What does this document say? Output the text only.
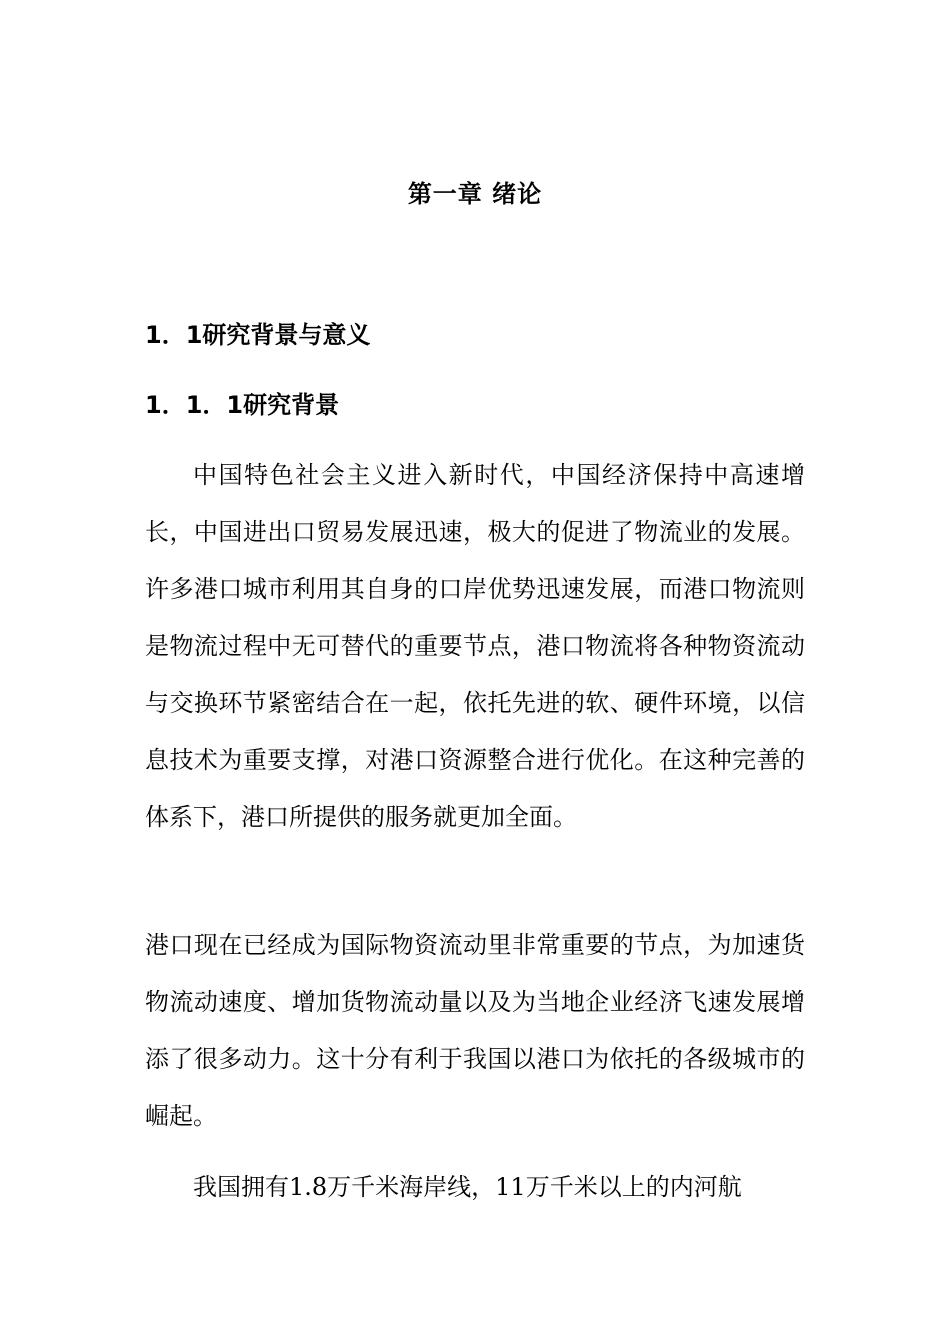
第一章 绪论
1．1研究背景与意义
1．1．1研究背景

中国特色社会主义进入新时代，中国经济保持中高速增长，中国进出口贸易发展迅速，极大的促进了物流业的发展。许多港口城市利用其自身的口岸优势迅速发展，而港口物流则是物流过程中无可替代的重要节点，港口物流将各种物资流动与交换环节紧密结合在一起，依托先进的软、硬件环境，以信息技术为重要支撑，对港口资源整合进行优化。在这种完善的体系下，港口所提供的服务就更加全面。

港口现在已经成为国际物资流动里非常重要的节点，为加速货物流动速度、增加货物流动量以及为当地企业经济飞速发展增添了很多动力。这十分有利于我国以港口为依托的各级城市的崛起。

我国拥有1.8万千米海岸线，11万千米以上的内河航
